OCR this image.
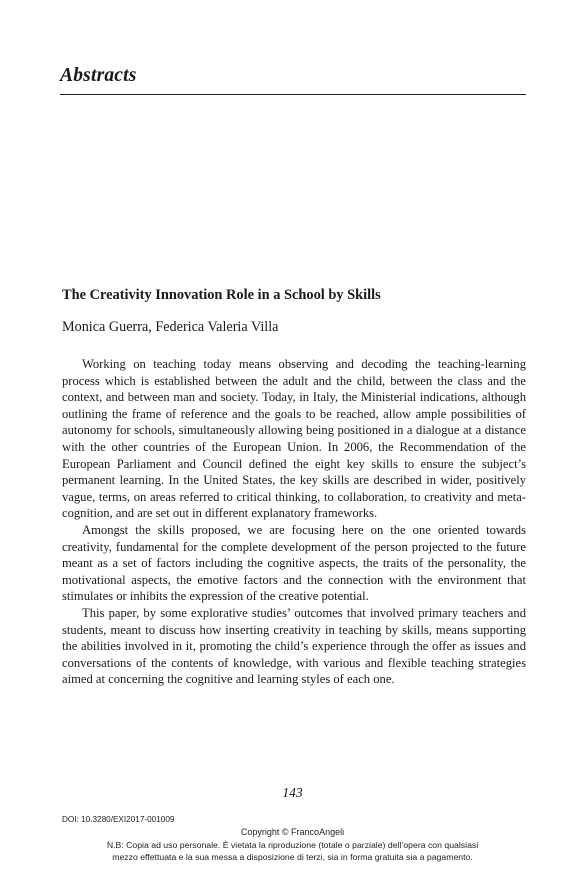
Abstracts
The Creativity Innovation Role in a School by Skills

Monica Guerra, Federica Valeria Villa

Working on teaching today means observing and decoding the teaching-learning process which is established between the adult and the child, between the class and the context, and between man and society. Today, in Italy, the Ministerial indications, although outlining the frame of reference and the goals to be reached, allow ample possibilities of autonomy for schools, simultaneously allowing being positioned in a dialogue at a distance with the other countries of the European Union. In 2006, the Recommendation of the European Parliament and Council defined the eight key skills to ensure the subject’s permanent learning. In the United States, the key skills are described in wider, positively vague, terms, on areas referred to critical thinking, to collaboration, to creativity and meta-cognition, and are set out in different explanatory frameworks.

Amongst the skills proposed, we are focusing here on the one oriented towards creativity, fundamental for the complete development of the person projected to the future meant as a set of factors including the cognitive aspects, the traits of the personality, the motivational aspects, the emotive factors and the connection with the environment that stimulates or inhibits the expression of the creative potential.

This paper, by some explorative studies’ outcomes that involved primary teachers and students, meant to discuss how inserting creativity in teaching by skills, means supporting the abilities involved in it, promoting the child’s experience through the offer as issues and conversations of the contents of knowledge, with various and flexible teaching strategies aimed at concerning the cognitive and learning styles of each one.

143

DOI: 10.3280/EXI2017-001009

Copyright © FrancoAngeli

N.B: Copia ad uso personale. È vietata la riproduzione (totale o parziale) dell’opera con qualsiasi
mezzo effettuata e la sua messa a disposizione di terzi, sia in forma gratuita sia a pagamento.
